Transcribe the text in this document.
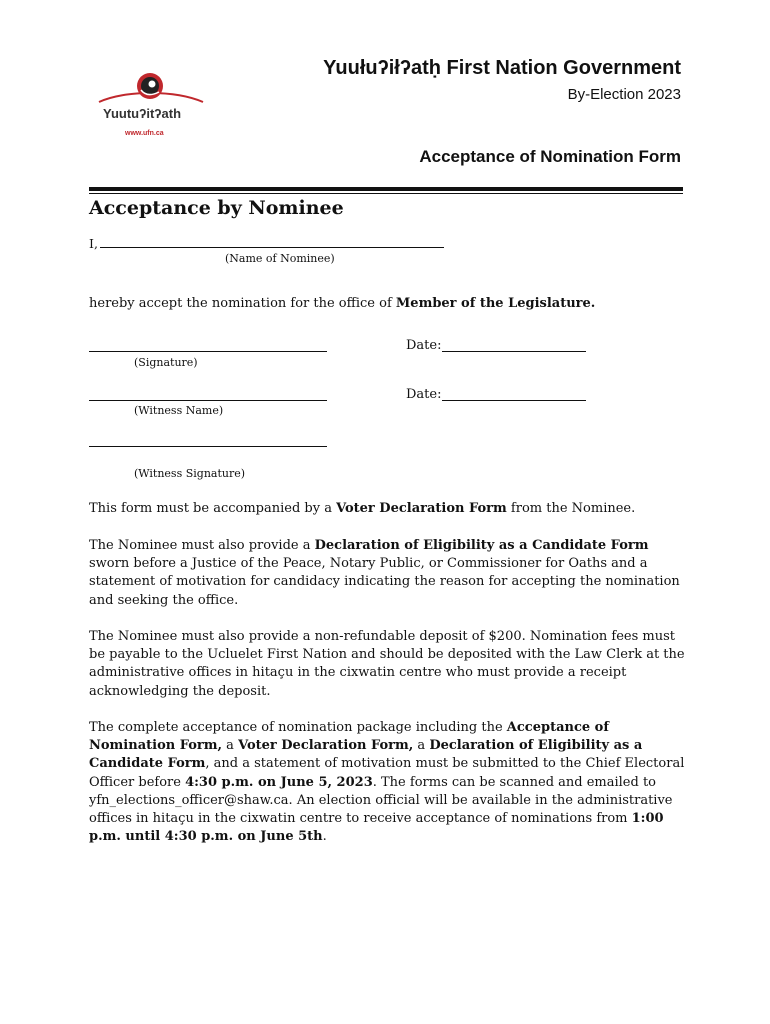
Yuutuʔitʔath
www.ufn.ca
Yuułuʔiłʔatḥ First Nation Government
By-Election 2023
Acceptance of Nomination Form
Acceptance by Nominee
I,
(Name of Nominee)
hereby accept the nomination for the office of Member of the Legislature.
(Signature)
Date:
(Witness Name)
Date:
(Witness Signature)
This form must be accompanied by a Voter Declaration Form from the Nominee.
The Nominee must also provide a Declaration of Eligibility as a Candidate Form sworn before a Justice of the Peace, Notary Public, or Commissioner for Oaths and a statement of motivation for candidacy indicating the reason for accepting the nomination and seeking the office.
The Nominee must also provide a non-refundable deposit of $200. Nomination fees must be payable to the Ucluelet First Nation and should be deposited with the Law Clerk at the administrative offices in hitaçu in the cixwatin centre who must provide a receipt acknowledging the deposit.
The complete acceptance of nomination package including the Acceptance of Nomination Form, a Voter Declaration Form, a Declaration of Eligibility as a Candidate Form, and a statement of motivation must be submitted to the Chief Electoral Officer before 4:30 p.m. on June 5, 2023. The forms can be scanned and emailed to yfn_elections_officer@shaw.ca. An election official will be available in the administrative offices in hitaçu in the cixwatin centre to receive acceptance of nominations from 1:00 p.m. until 4:30 p.m. on June 5th.
